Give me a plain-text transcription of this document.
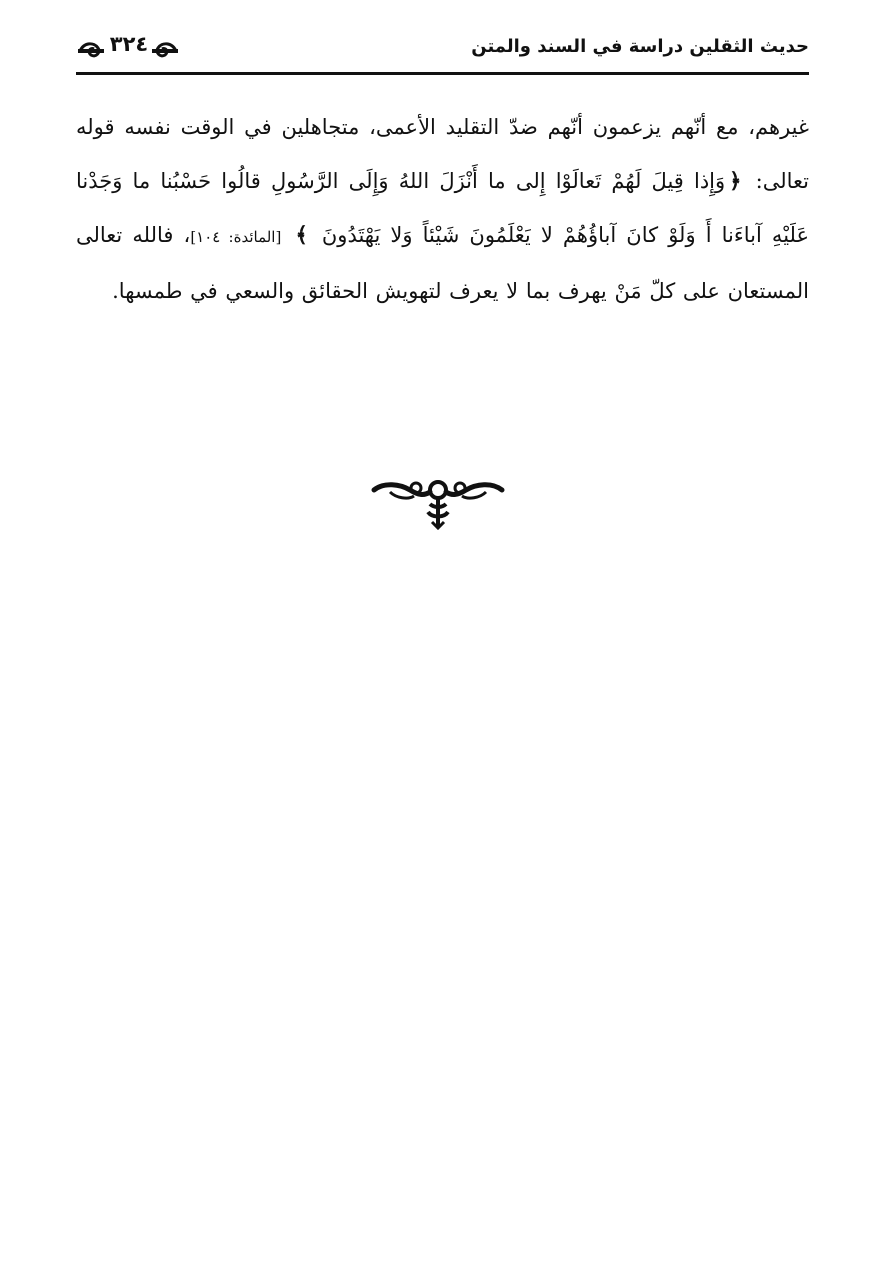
حديث الثقلين دراسة في السند والمتن
٣٢٤
غيرهم، مع أنّهم يزعمون أنّهم ضدّ التقليد الأعمى، متجاهلين في الوقت نفسه قوله تعالى: ﴿وَإِذا قِيلَ لَهُمْ تَعالَوْا إِلى ما أَنْزَلَ اللهُ وَإِلَى الرَّسُولِ قالُوا حَسْبُنا ما وَجَدْنا عَلَيْهِ آباءَنا أَ وَلَوْ كانَ آباؤُهُمْ لا يَعْلَمُونَ شَيْئاً وَلا يَهْتَدُونَ ﴾ [المائدة: ١٠٤]، فالله تعالى المستعان على كلّ مَنْ يهرف بما لا يعرف لتهويش الحقائق والسعي في طمسها.
